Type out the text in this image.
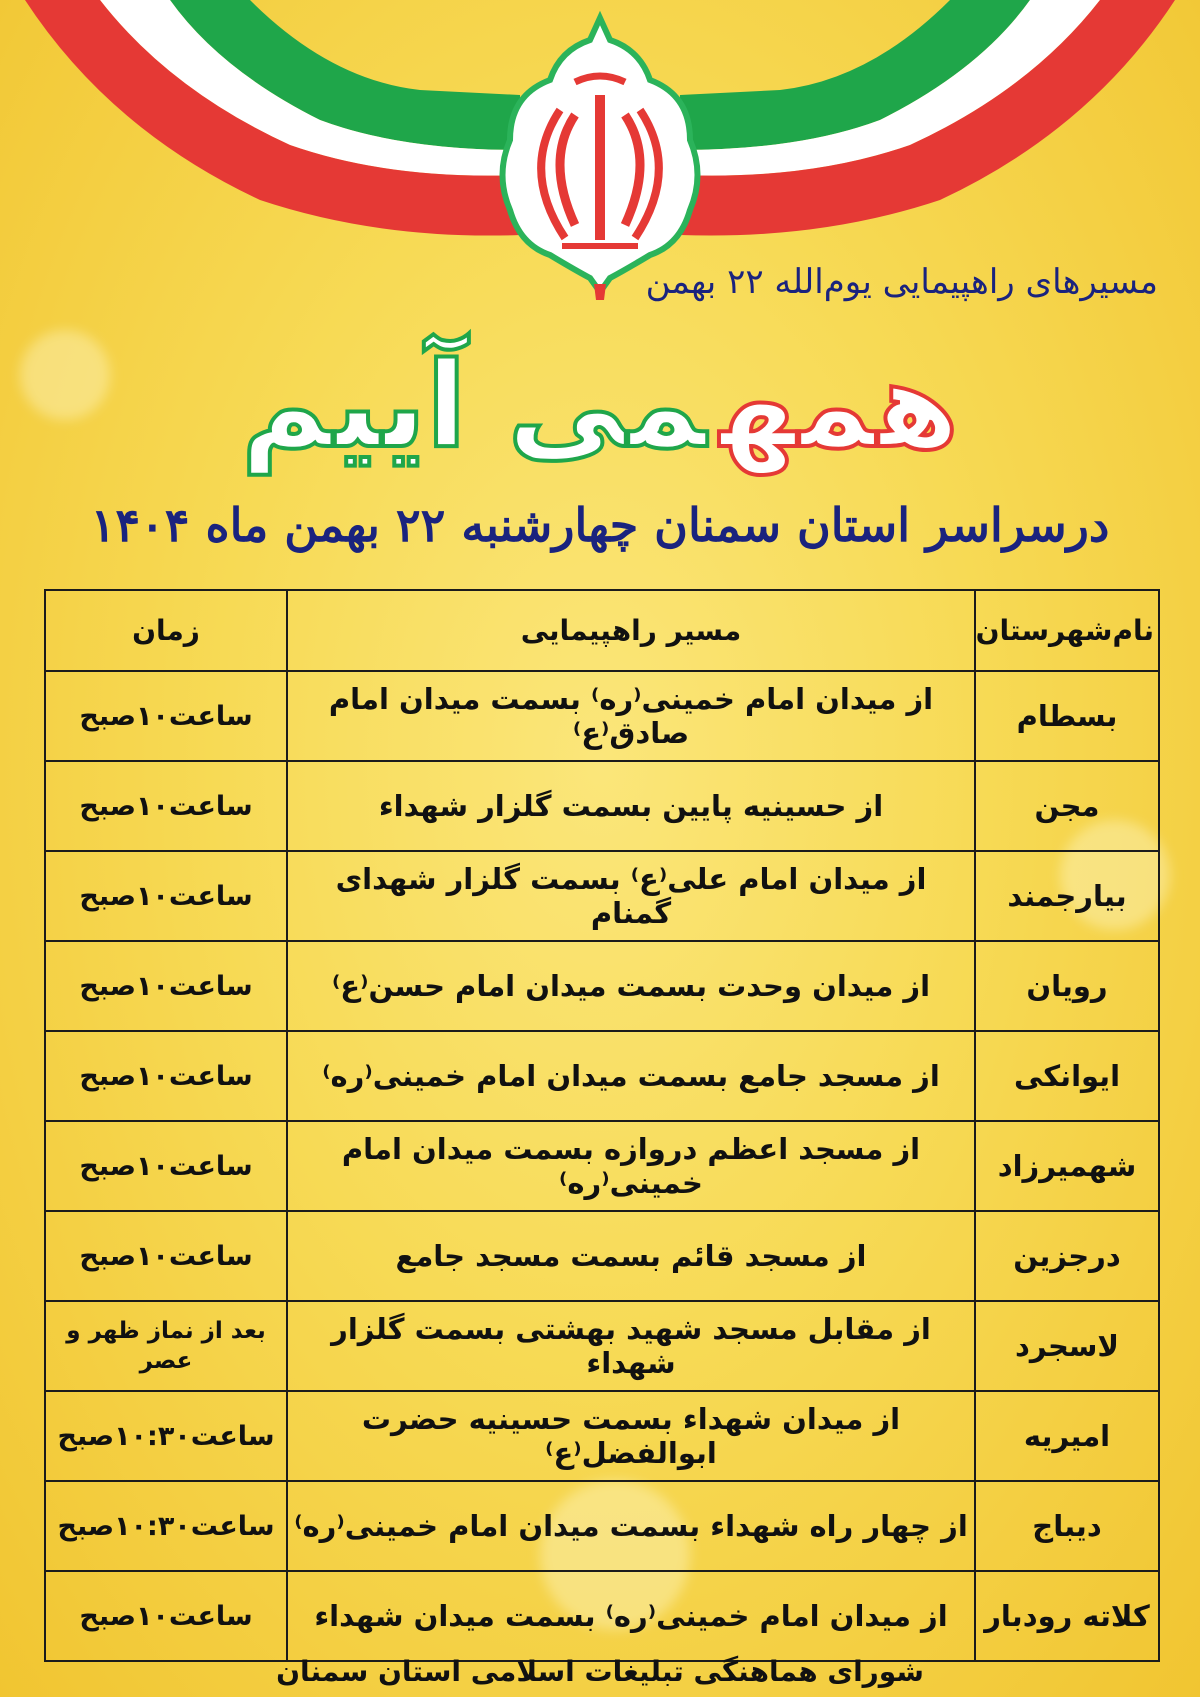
مسیرهای راهپیمایی یوم‌الله ۲۲ بهمن
همهمی آییم
درسراسر استان سمنان چهارشنبه ۲۲ بهمن ماه ۱۴۰۴
نام‌شهرستان	مسیر راهپیمایی	زمان
بسطام	از میدان امام خمینی⁽ره⁾ بسمت میدان امام صادق⁽ع⁾	ساعت۱۰صبح
مجن	از حسینیه پایین بسمت گلزار شهداء	ساعت۱۰صبح
بیارجمند	از میدان امام علی⁽ع⁾ بسمت گلزار شهدای گمنام	ساعت۱۰صبح
رویان	از میدان وحدت بسمت میدان امام حسن⁽ع⁾	ساعت۱۰صبح
ایوانکی	از مسجد جامع بسمت میدان امام خمینی⁽ره⁾	ساعت۱۰صبح
شهمیرزاد	از مسجد اعظم دروازه بسمت میدان امام خمینی⁽ره⁾	ساعت۱۰صبح
درجزین	از مسجد قائم بسمت مسجد جامع	ساعت۱۰صبح
لاسجرد	از مقابل مسجد شهید بهشتی بسمت گلزار شهداء	بعد از نماز ظهر و عصر
امیریه	از میدان شهداء بسمت حسینیه حضرت ابوالفضل⁽ع⁾	ساعت۱۰:۳۰صبح
دیباج	از چهار راه شهداء بسمت میدان امام خمینی⁽ره⁾	ساعت۱۰:۳۰صبح
کلاته رودبار	از میدان امام خمینی⁽ره⁾ بسمت میدان شهداء	ساعت۱۰صبح
شورای هماهنگی تبلیغات اسلامی استان سمنان
